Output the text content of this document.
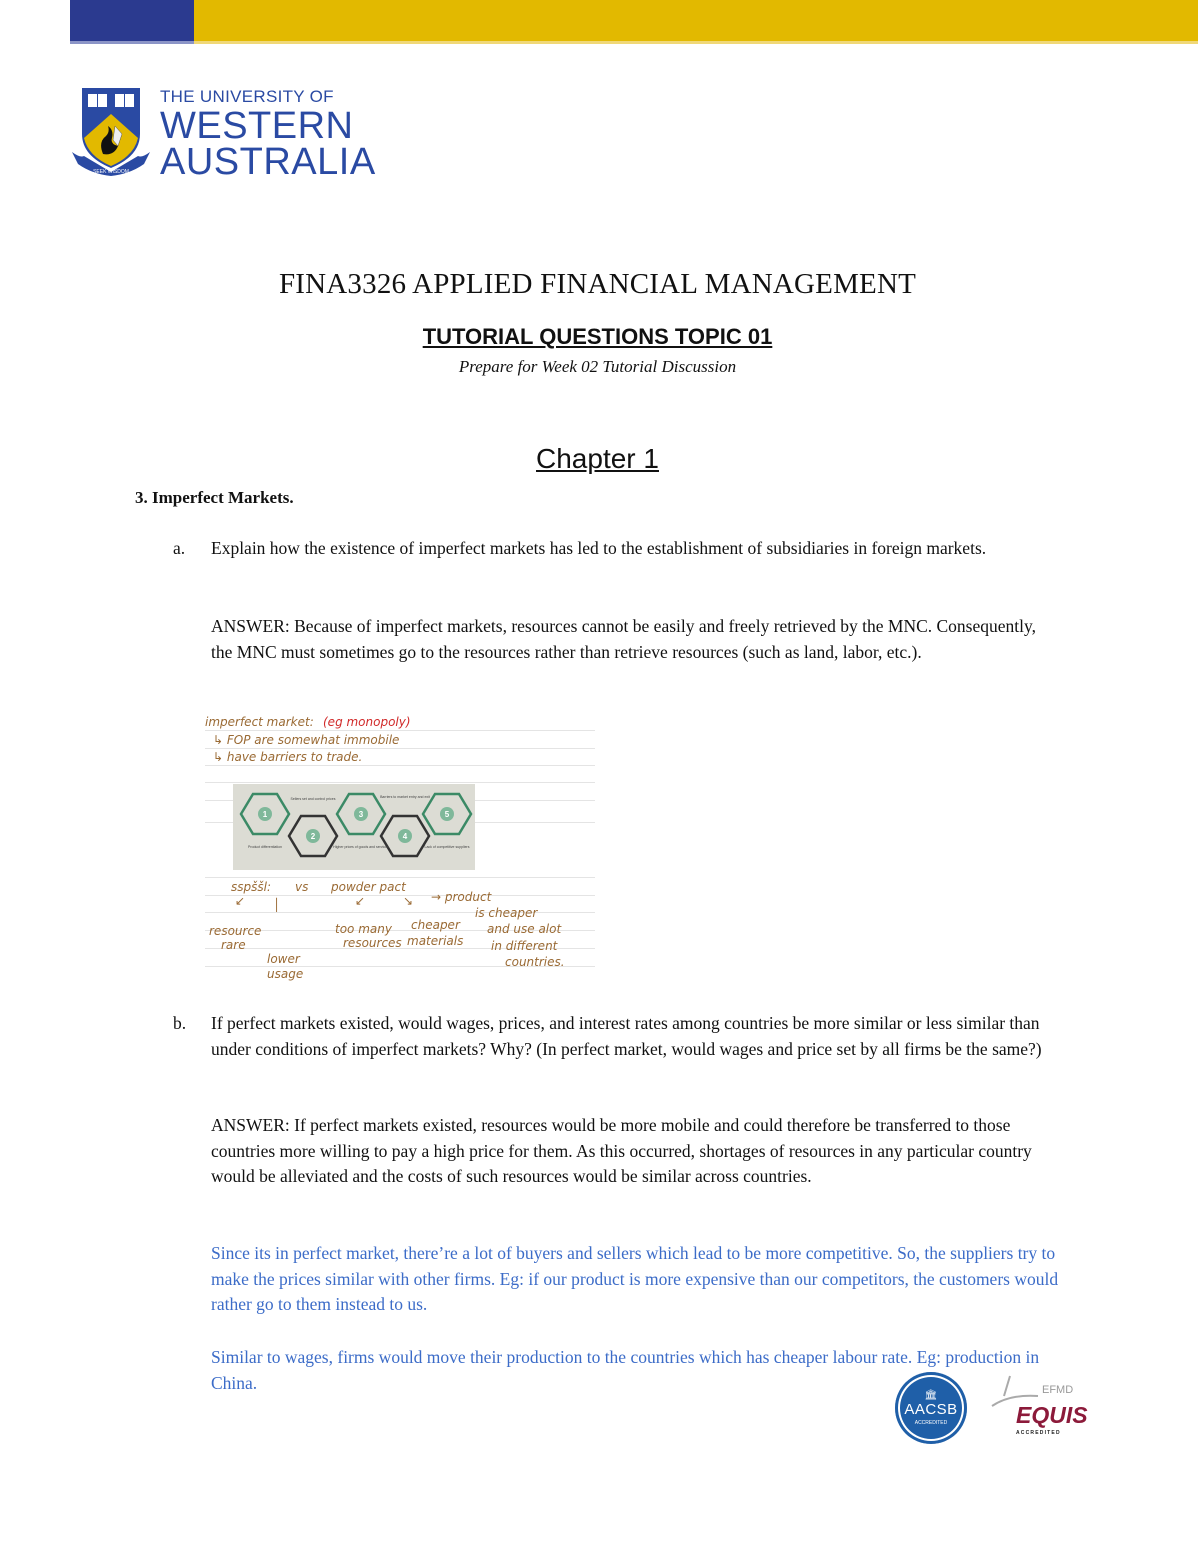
SEEK WISDOM
THE UNIVERSITY OF
WESTERN
AUSTRALIA
FINA3326 APPLIED FINANCIAL MANAGEMENT
TUTORIAL QUESTIONS TOPIC 01
Prepare for Week 02 Tutorial Discussion
Chapter 1
3. Imperfect Markets.
a. Explain how the existence of imperfect markets has led to the establishment of subsidiaries in foreign markets.
ANSWER: Because of imperfect markets, resources cannot be easily and freely retrieved by the MNC. Consequently, the MNC must sometimes go to the resources rather than retrieve resources (such as land, labor, etc.).
imperfect market: (eg monopoly)
↳ FOP are somewhat immobile
↳ have barriers to trade.
1
2
3
4
5
Product differentiation
Sellers set and control prices
Higher prices of goods and services
Barriers to market entry and exit
Lack of competitive suppliers
sspššl: vs powder pact
→ product
is cheaper
and use alot
in different
countries.
↙ │	↙	↘
resource
rare
lower
usage
too many
resources
cheaper
materials
b. If perfect markets existed, would wages, prices, and interest rates among countries be more similar or less similar than under conditions of imperfect markets? Why? (In perfect market, would wages and price set by all firms be the same?)
ANSWER: If perfect markets existed, resources would be more mobile and could therefore be transferred to those countries more willing to pay a high price for them. As this occurred, shortages of resources in any particular country would be alleviated and the costs of such resources would be similar across countries.
Since its in perfect market, there’re a lot of buyers and sellers which lead to be more competitive. So, the suppliers try to make the prices similar with other firms. Eg: if our product is more expensive than our competitors, the customers would rather go to them instead to us.
Similar to wages, firms would move their production to the countries which has cheaper labour rate. Eg: production in China.
🏛
AACSB
ACCREDITED
EFMD
EQUIS
ACCREDITED
